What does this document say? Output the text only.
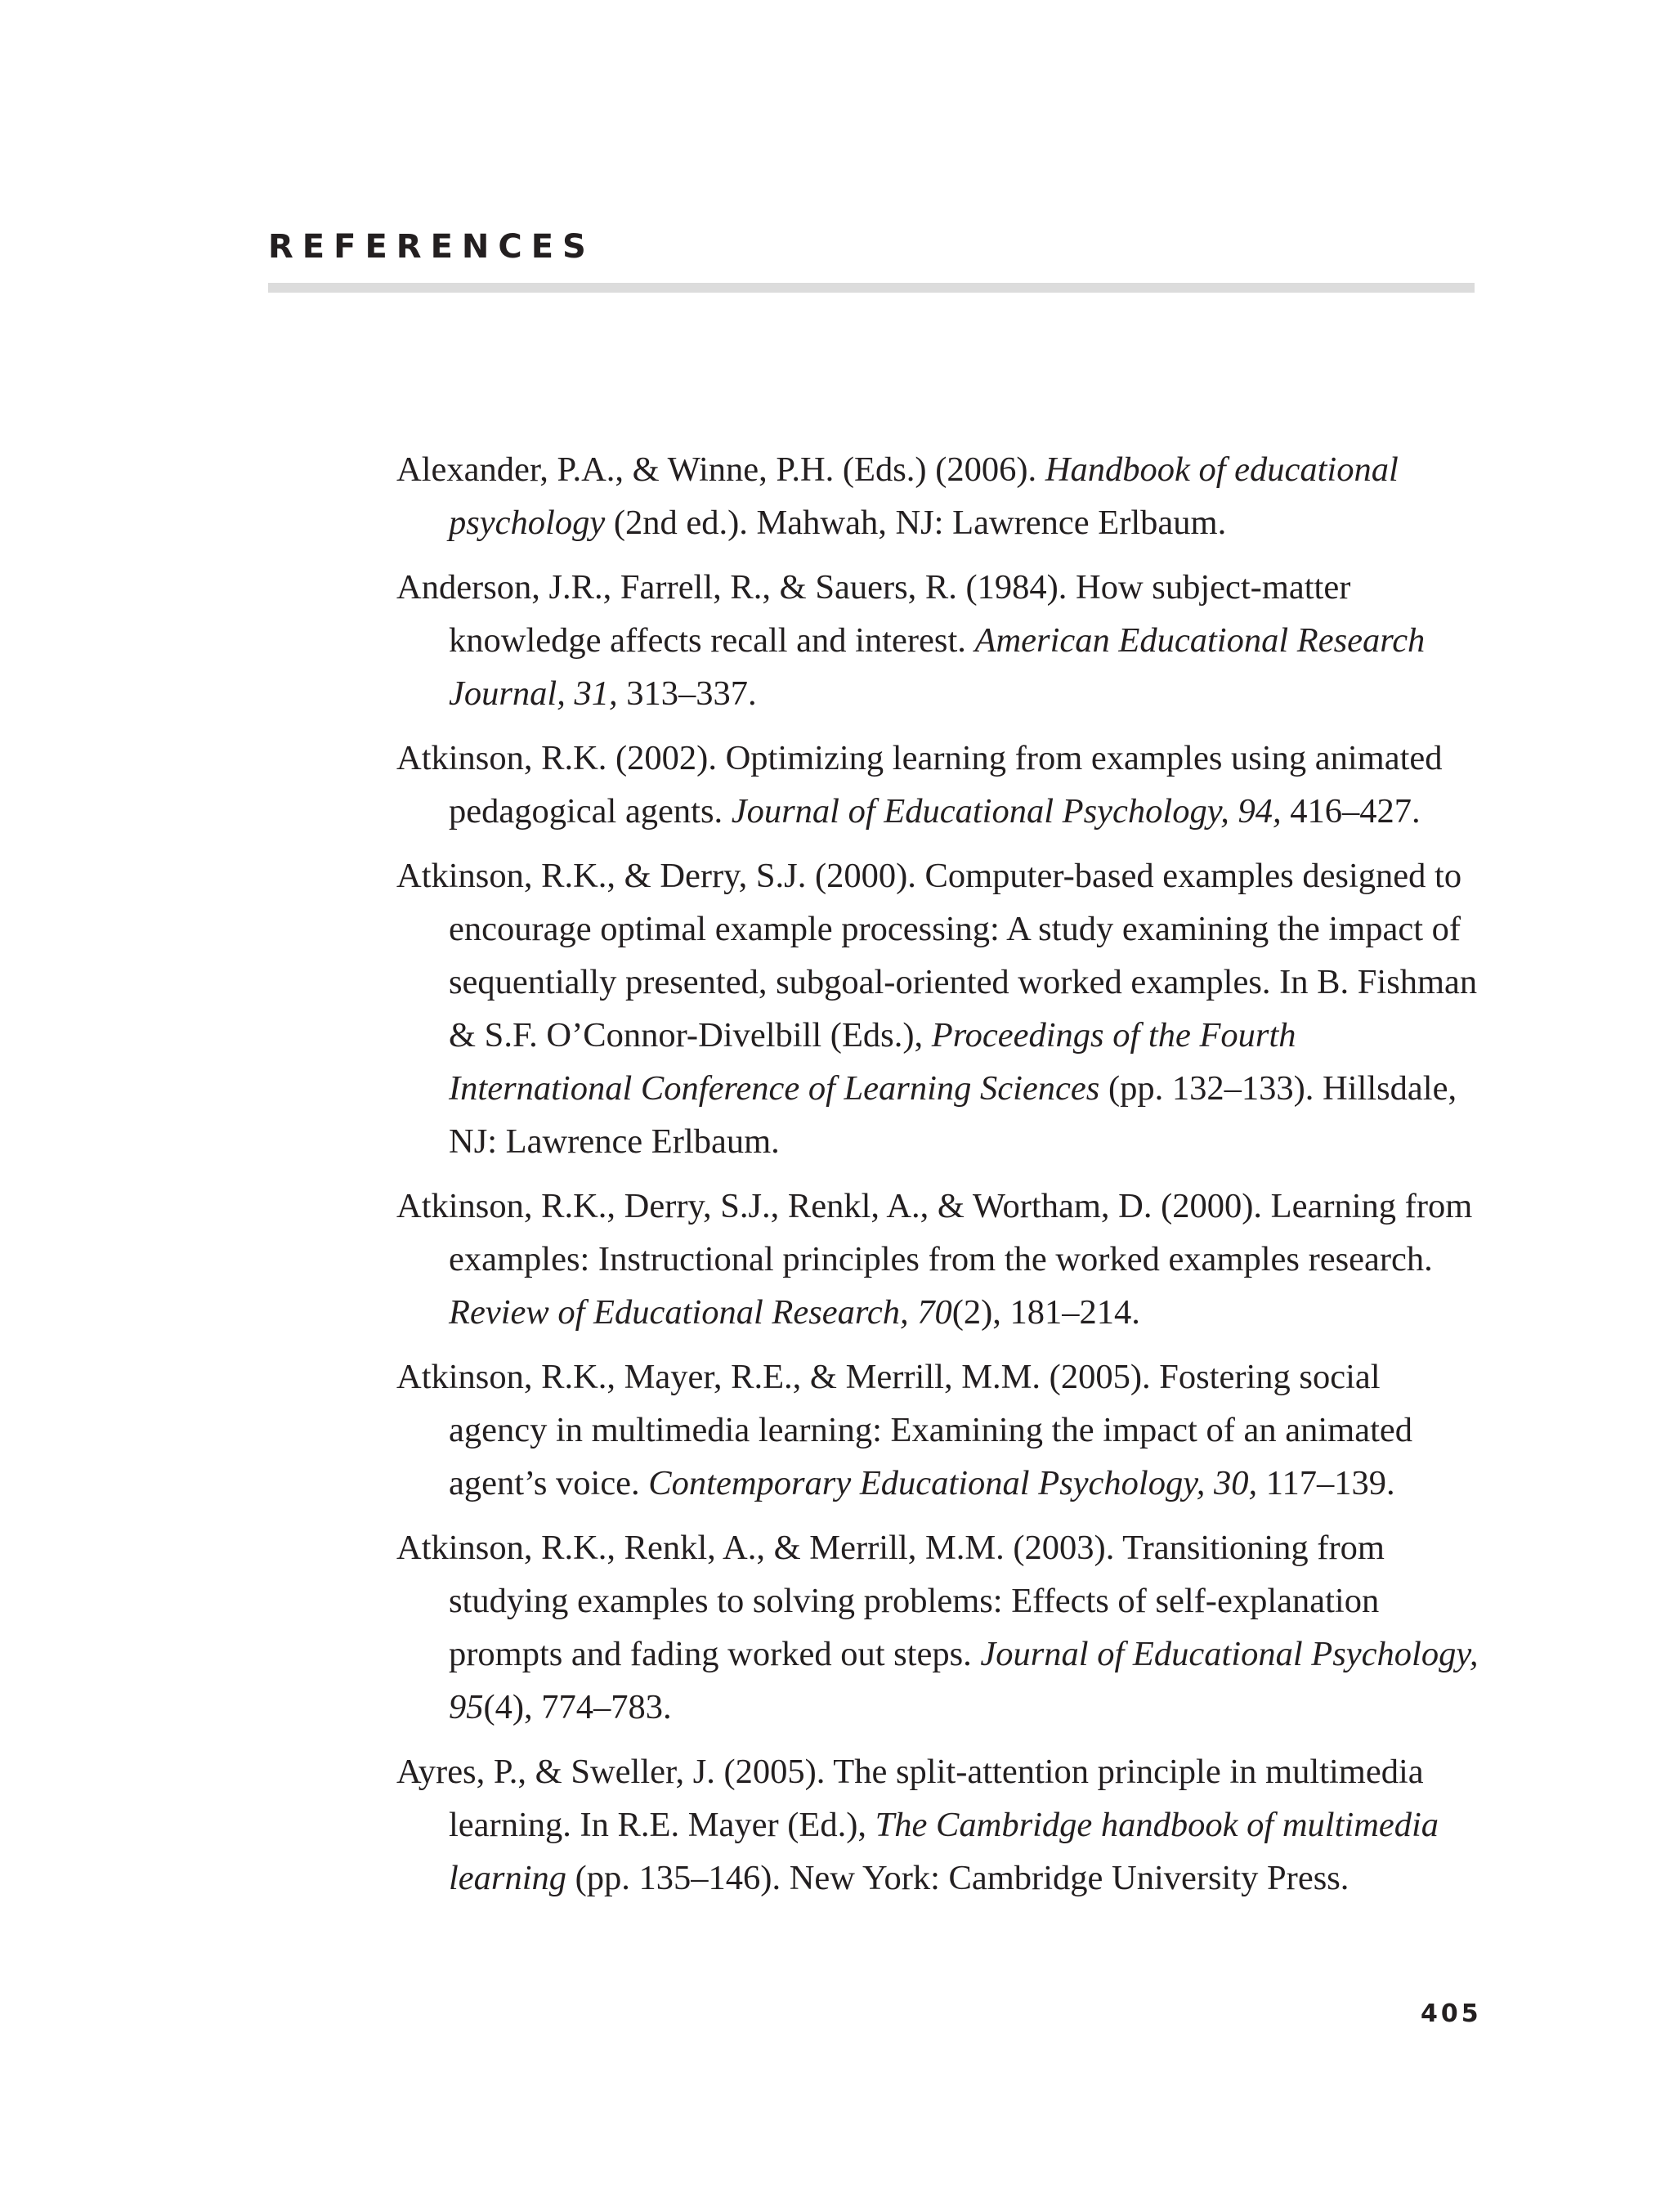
REFERENCES
Alexander, P.A., & Winne, P.H. (Eds.) (2006). Handbook of educational psychology (2nd ed.). Mahwah, NJ: Lawrence Erlbaum.
Anderson, J.R., Farrell, R., & Sauers, R. (1984). How subject-matter knowledge affects recall and interest. American Educational Research Journal, 31, 313–337.
Atkinson, R.K. (2002). Optimizing learning from examples using animated pedagogical agents. Journal of Educational Psychology, 94, 416–427.
Atkinson, R.K., & Derry, S.J. (2000). Computer-based examples designed to encourage optimal example processing: A study examining the impact of sequentially presented, subgoal-oriented worked examples. In B. Fishman & S.F. O’Connor-Divelbill (Eds.), Proceedings of the Fourth International Conference of Learning Sciences (pp. 132–133). Hillsdale, NJ: Lawrence Erlbaum.
Atkinson, R.K., Derry, S.J., Renkl, A., & Wortham, D. (2000). Learning from examples: Instructional principles from the worked examples research. Review of Educational Research, 70(2), 181–214.
Atkinson, R.K., Mayer, R.E., & Merrill, M.M. (2005). Fostering social agency in multimedia learning: Examining the impact of an animated agent’s voice. Contemporary Educational Psychology, 30, 117–139.
Atkinson, R.K., Renkl, A., & Merrill, M.M. (2003). Transitioning from studying examples to solving problems: Effects of self-explanation prompts and fading worked out steps. Journal of Educational Psychology, 95(4), 774–783.
Ayres, P., & Sweller, J. (2005). The split-attention principle in multimedia learning. In R.E. Mayer (Ed.), The Cambridge handbook of multimedia learning (pp. 135–146). New York: Cambridge University Press.
405
